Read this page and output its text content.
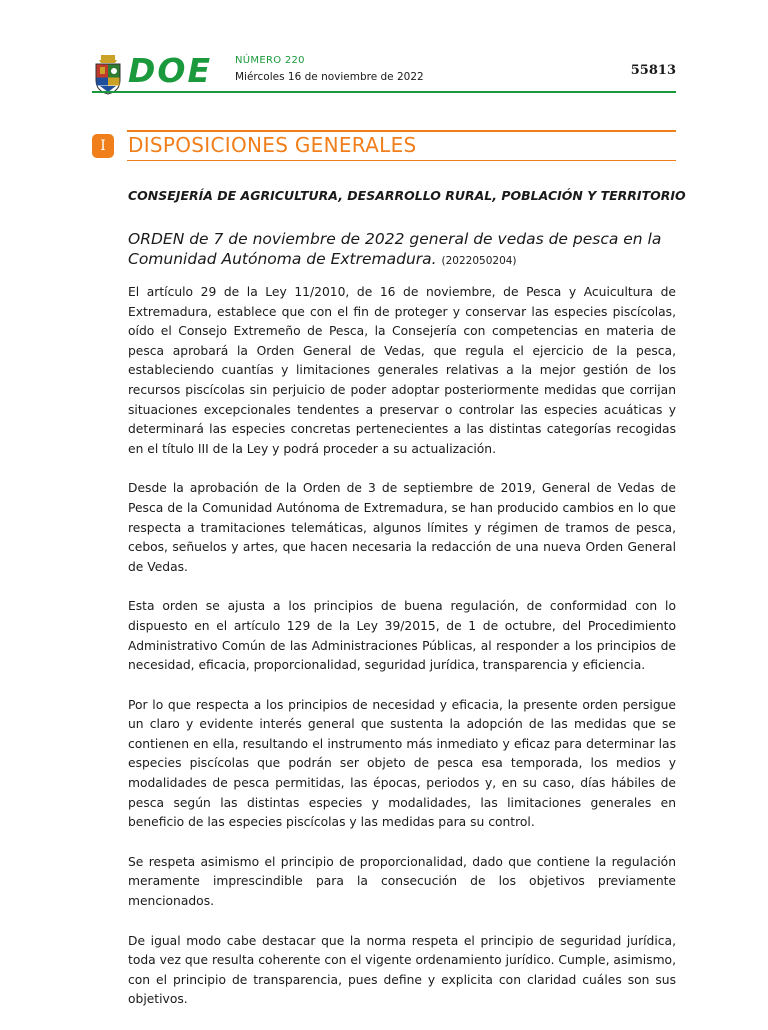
DOE NÚMERO 220
Miércoles 16 de noviembre de 2022	55813
I	DISPOSICIONES GENERALES
CONSEJERÍA DE AGRICULTURA, DESARROLLO RURAL, POBLACIÓN Y TERRITORIO
ORDEN de 7 de noviembre de 2022 general de vedas de pesca en la Comunidad Autónoma de Extremadura. (2022050204)

El artículo 29 de la Ley 11/2010, de 16 de noviembre, de Pesca y Acuicultura de Extremadura, establece que con el fin de proteger y conservar las especies piscícolas, oído el Consejo Extremeño de Pesca, la Consejería con competencias en materia de pesca aprobará la Orden General de Vedas, que regula el ejercicio de la pesca, estableciendo cuantías y limitaciones generales relativas a la mejor gestión de los recursos piscícolas sin perjuicio de poder adoptar posteriormente medidas que corrijan situaciones excepcionales tendentes a preservar o controlar las especies acuáticas y determinará las especies concretas pertenecientes a las distintas categorías recogidas en el título III de la Ley y podrá proceder a su actualización.

Desde la aprobación de la Orden de 3 de septiembre de 2019, General de Vedas de Pesca de la Comunidad Autónoma de Extremadura, se han producido cambios en lo que respecta a tramitaciones telemáticas, algunos límites y régimen de tramos de pesca, cebos, señuelos y artes, que hacen necesaria la redacción de una nueva Orden General de Vedas.

Esta orden se ajusta a los principios de buena regulación, de conformidad con lo dispuesto en el artículo 129 de la Ley 39/2015, de 1 de octubre, del Procedimiento Administrativo Común de las Administraciones Públicas, al responder a los principios de necesidad, eficacia, proporcionalidad, seguridad jurídica, transparencia y eficiencia.

Por lo que respecta a los principios de necesidad y eficacia, la presente orden persigue un claro y evidente interés general que sustenta la adopción de las medidas que se contienen en ella, resultando el instrumento más inmediato y eficaz para determinar las especies piscícolas que podrán ser objeto de pesca esa temporada, los medios y modalidades de pesca permitidas, las épocas, periodos y, en su caso, días hábiles de pesca según las distintas especies y modalidades, las limitaciones generales en beneficio de las especies piscícolas y las medidas para su control.

Se respeta asimismo el principio de proporcionalidad, dado que contiene la regulación meramente imprescindible para la consecución de los objetivos previamente mencionados.

De igual modo cabe destacar que la norma respeta el principio de seguridad jurídica, toda vez que resulta coherente con el vigente ordenamiento jurídico. Cumple, asimismo, con el principio de transparencia, pues define y explicita con claridad cuáles son sus objetivos.
